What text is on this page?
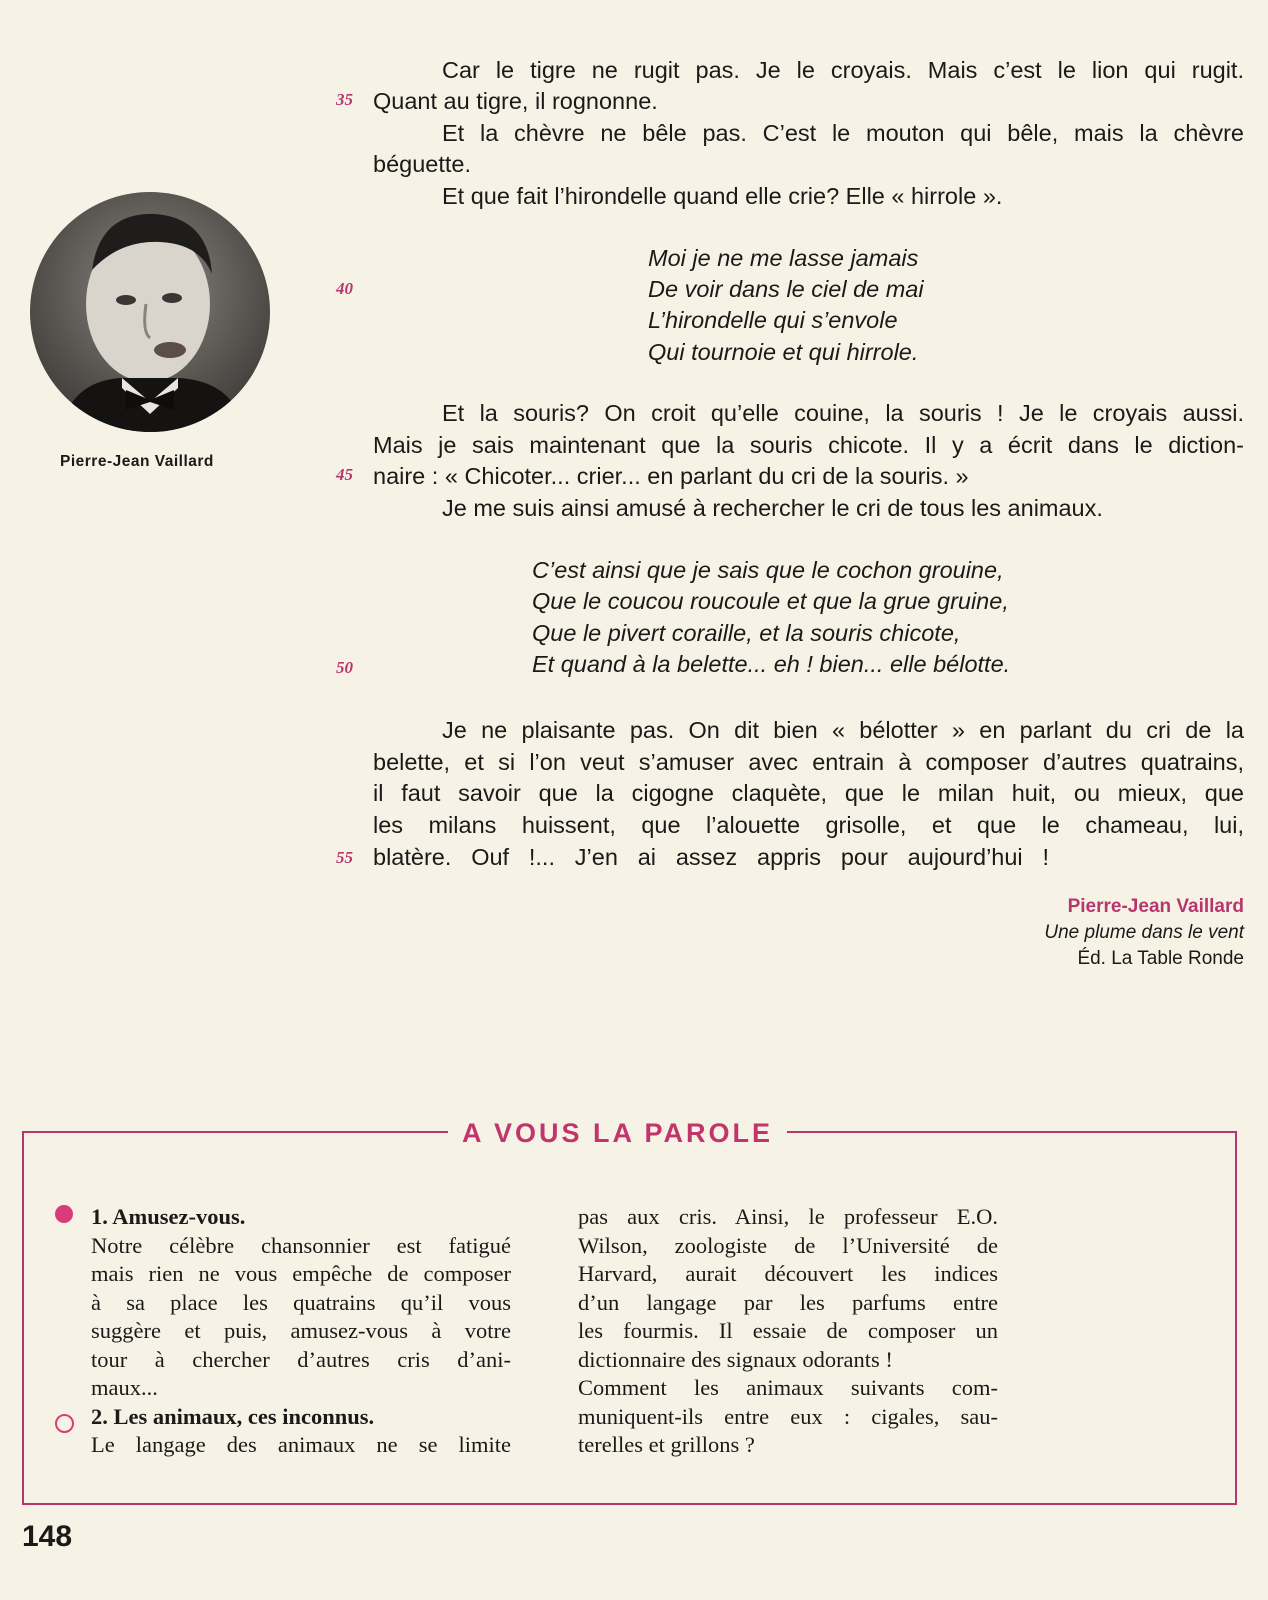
Pierre-Jean Vaillard
35
40
45
50
55
Car le tigre ne rugit pas. Je le croyais. Mais c’est le lion qui rugit.
Quant au tigre, il rognonne.
Et la chèvre ne bêle pas. C’est le mouton qui bêle, mais la chèvre
béguette.
Et que fait l’hirondelle quand elle crie? Elle « hirrole ».
Moi je ne me lasse jamais
De voir dans le ciel de mai
L’hirondelle qui s’envole
Qui tournoie et qui hirrole.
Et la souris? On croit qu’elle couine, la souris ! Je le croyais aussi.
Mais je sais maintenant que la souris chicote. Il y a écrit dans le diction-
naire : « Chicoter... crier... en parlant du cri de la souris. »
Je me suis ainsi amusé à rechercher le cri de tous les animaux.
C’est ainsi que je sais que le cochon grouine,
Que le coucou roucoule et que la grue gruine,
Que le pivert coraille, et la souris chicote,
Et quand à la belette... eh ! bien... elle bélotte.
Je ne plaisante pas. On dit bien « bélotter » en parlant du cri de la
belette, et si l’on veut s’amuser avec entrain à composer d’autres quatrains,
il faut savoir que la cigogne claquète, que le milan huit, ou mieux, que
les milans huissent, que l’alouette grisolle, et que le chameau, lui,
blatère. Ouf !... J’en ai assez appris pour aujourd’hui !
Pierre-Jean Vaillard
Une plume dans le vent
Éd. La Table Ronde
A VOUS LA PAROLE
1. Amusez-vous.
Notre célèbre chansonnier est fatigué
mais rien ne vous empêche de composer
à sa place les quatrains qu’il vous
suggère et puis, amusez-vous à votre
tour à chercher d’autres cris d’ani-
maux...
2. Les animaux, ces inconnus.
Le langage des animaux ne se limite
pas aux cris. Ainsi, le professeur E.O.
Wilson, zoologiste de l’Université de
Harvard, aurait découvert les indices
d’un langage par les parfums entre
les fourmis. Il essaie de composer un
dictionnaire des signaux odorants !
Comment les animaux suivants com-
muniquent-ils entre eux : cigales, sau-
terelles et grillons ?
148
